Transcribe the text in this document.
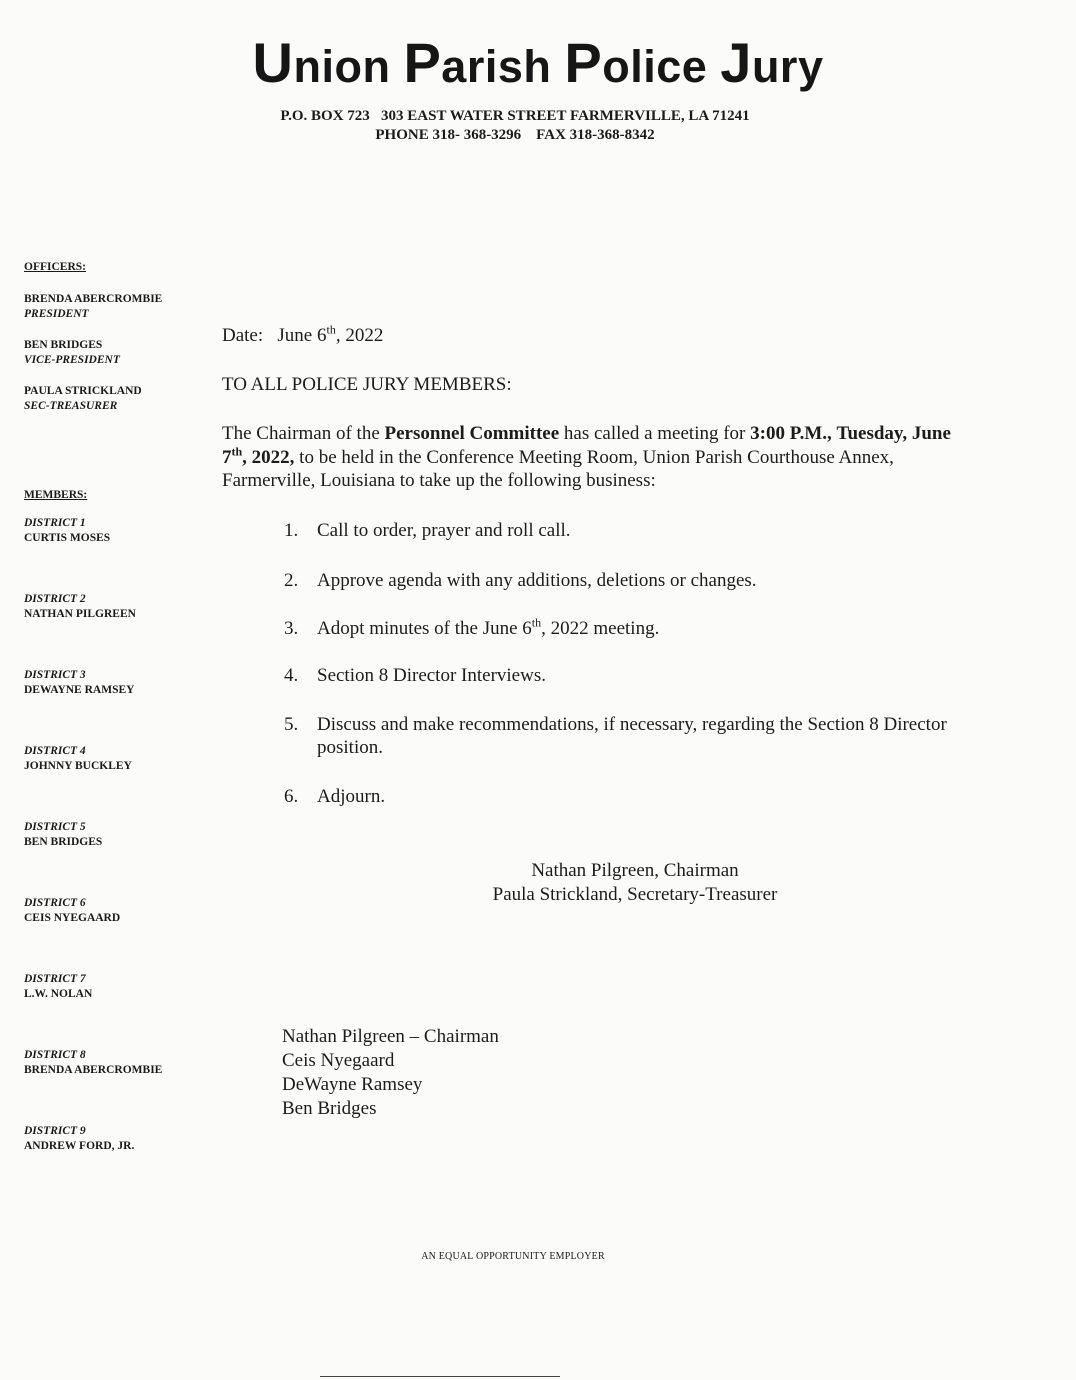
Union Parish Police Jury
P.O. BOX 723   303 EAST WATER STREET FARMERVILLE, LA 71241
PHONE 318- 368-3296    FAX 318-368-8342
OFFICERS:
BRENDA ABERCROMBIE
PRESIDENT
BEN BRIDGES
VICE-PRESIDENT
PAULA STRICKLAND
SEC-TREASURER
MEMBERS:
DISTRICT 1
CURTIS MOSES
DISTRICT 2
NATHAN PILGREEN
DISTRICT 3
DEWAYNE RAMSEY
DISTRICT 4
JOHNNY BUCKLEY
DISTRICT 5
BEN BRIDGES
DISTRICT 6
CEIS NYEGAARD
DISTRICT 7
L.W. NOLAN
DISTRICT 8
BRENDA ABERCROMBIE
DISTRICT 9
ANDREW FORD, JR.
Date: June 6th, 2022
TO ALL POLICE JURY MEMBERS:
The Chairman of the Personnel Committee has called a meeting for 3:00 P.M., Tuesday, June 7th, 2022, to be held in the Conference Meeting Room, Union Parish Courthouse Annex, Farmerville, Louisiana to take up the following business:
1. Call to order, prayer and roll call.
2. Approve agenda with any additions, deletions or changes.
3. Adopt minutes of the June 6th, 2022 meeting.
4. Section 8 Director Interviews.
5. Discuss and make recommendations, if necessary, regarding the Section 8 Director position.
6. Adjourn.
Nathan Pilgreen, Chairman
Paula Strickland, Secretary-Treasurer
Nathan Pilgreen – Chairman
Ceis Nyegaard
DeWayne Ramsey
Ben Bridges
AN EQUAL OPPORTUNITY EMPLOYER
